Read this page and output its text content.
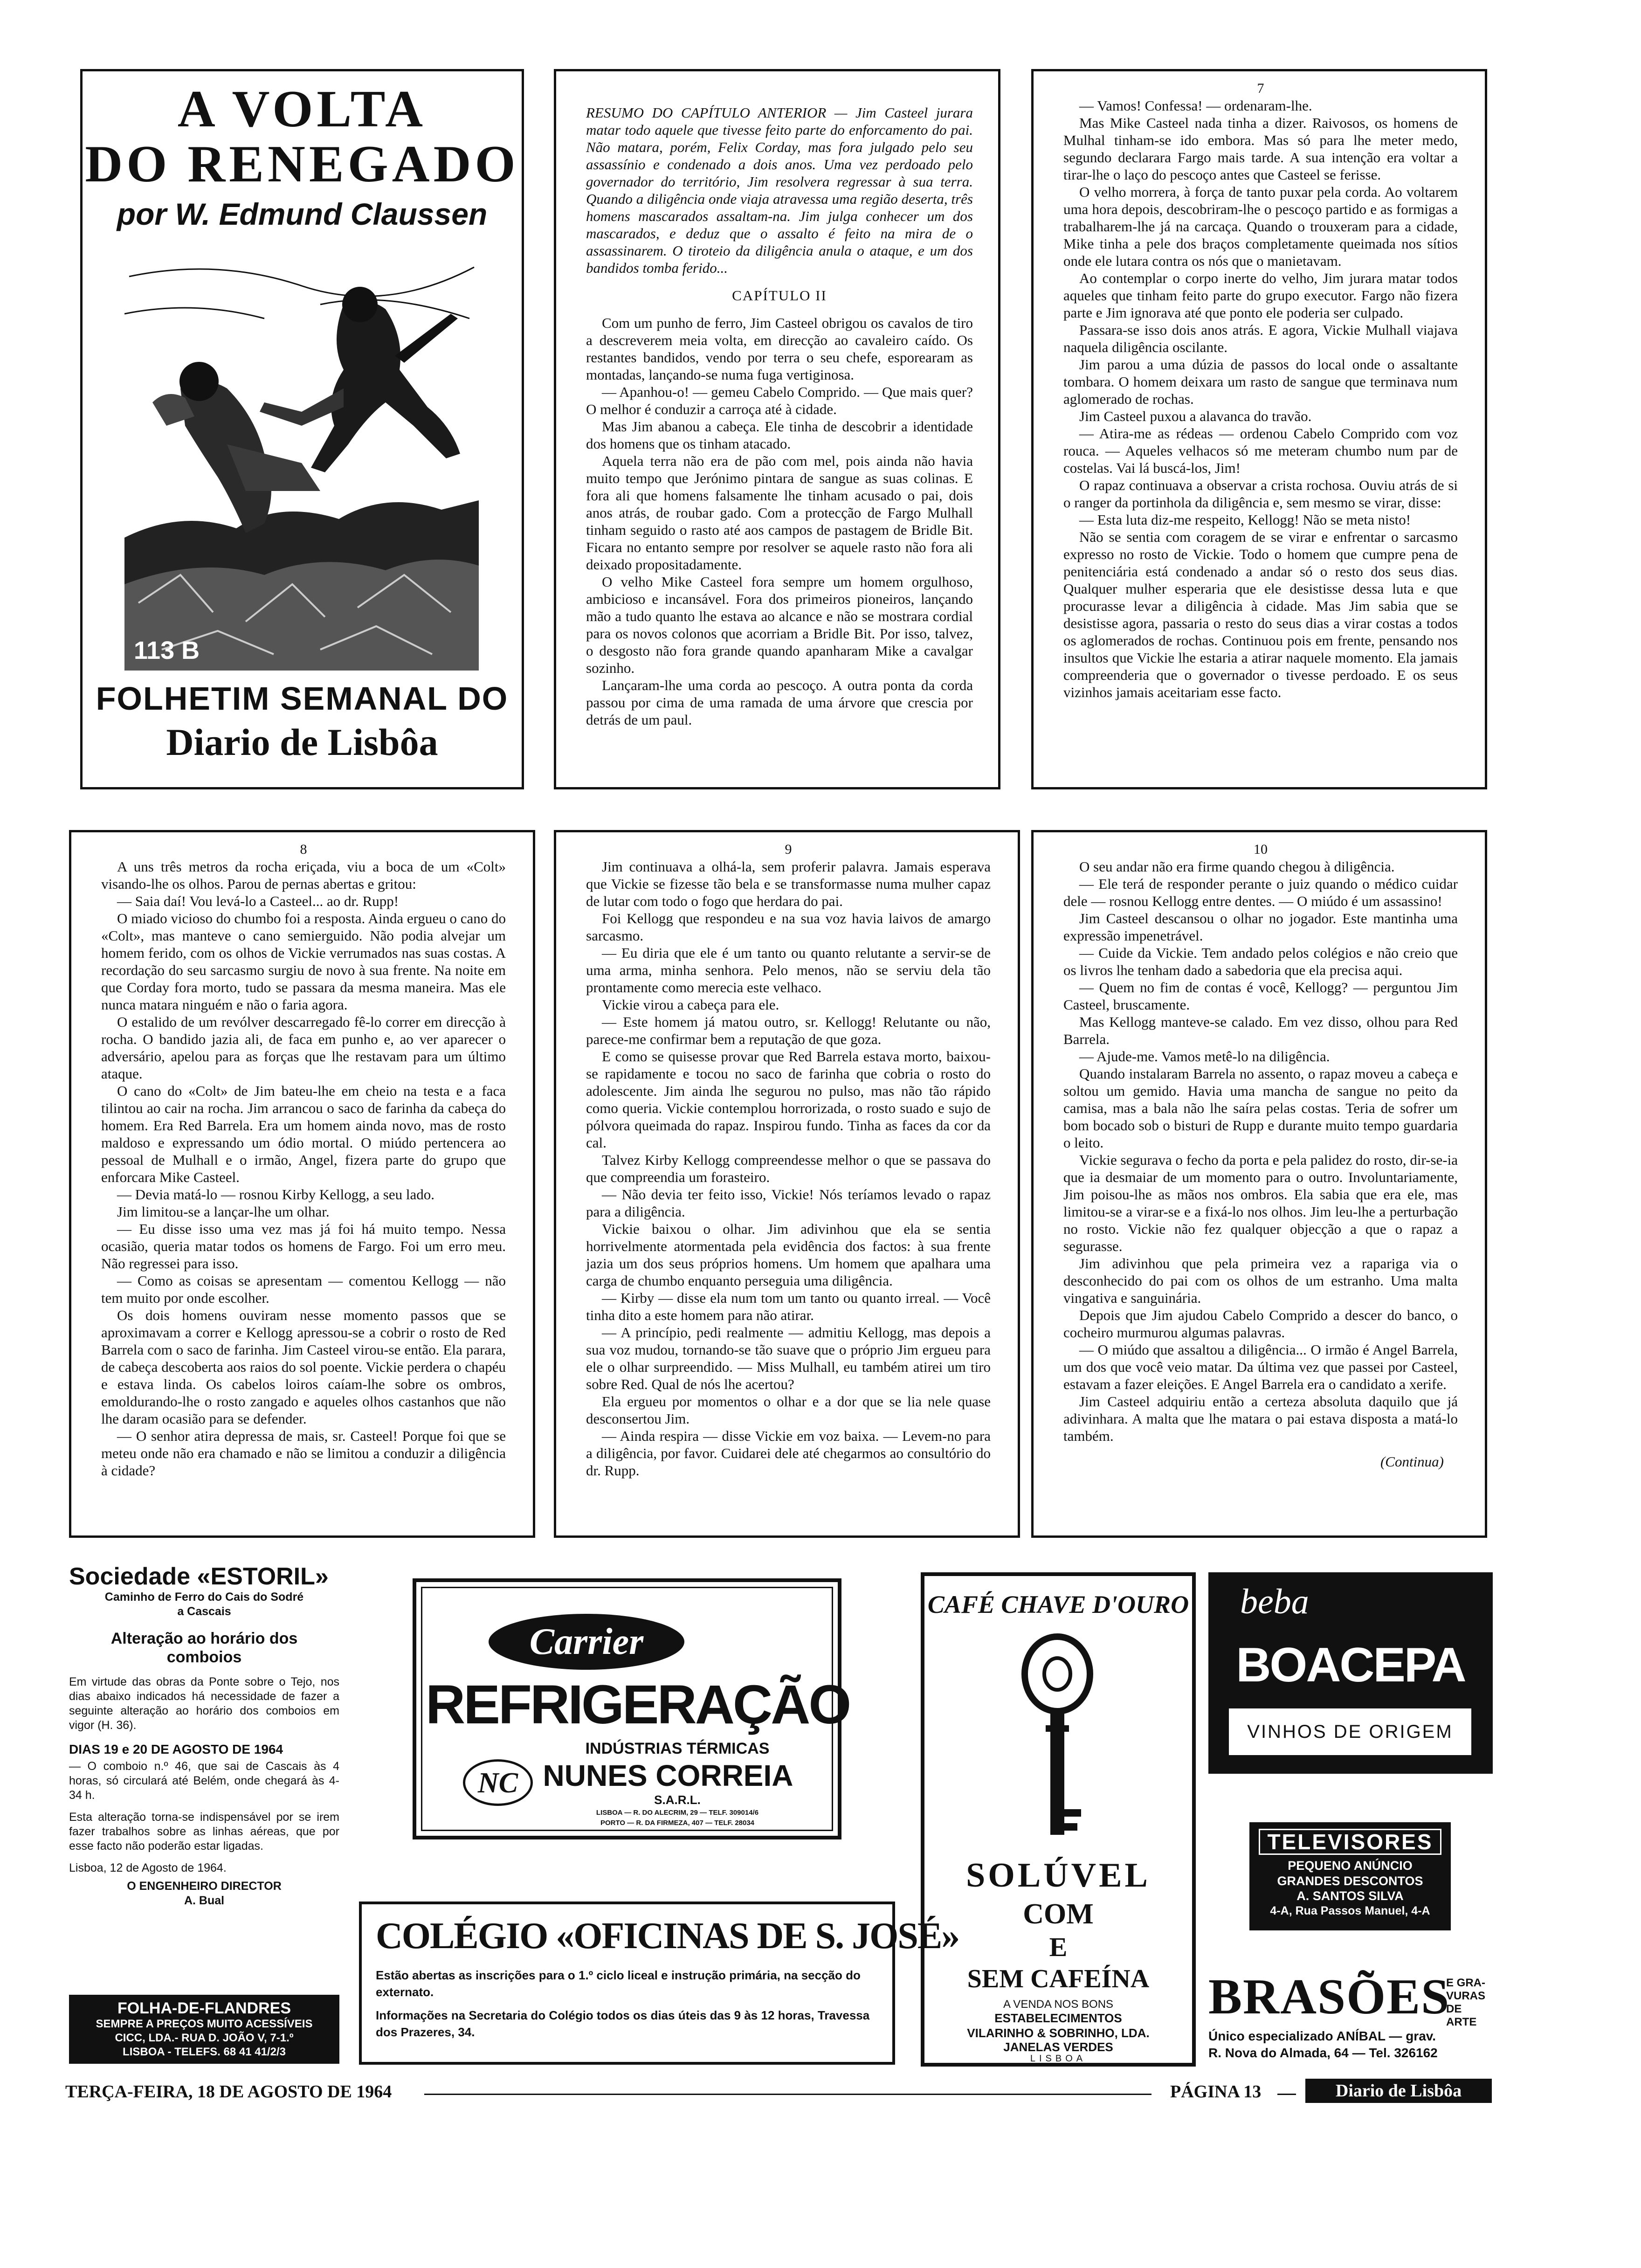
A VOLTA
DO RENEGADO
por W. Edmund Claussen
113 B
FOLHETIM SEMANAL DO
Diario de Lisbôa

RESUMO DO CAPÍTULO ANTERIOR — Jim Casteel jurara matar todo aquele que tivesse feito parte do enforcamento do pai. Não matara, porém, Felix Corday, mas fora julgado pelo seu assassínio e condenado a dois anos. Uma vez perdoado pelo governador do território, Jim resolvera regressar à sua terra. Quando a diligência onde viaja atravessa uma região deserta, três homens mascarados assaltam-na. Jim julga conhecer um dos mascarados, e deduz que o assalto é feito na mira de o assassinarem. O tiroteio da diligência anula o ataque, e um dos bandidos tomba ferido...

CAPÍTULO II

Com um punho de ferro, Jim Casteel obrigou os cavalos de tiro a descreverem meia volta, em direcção ao cavaleiro caído. Os restantes bandidos, vendo por terra o seu chefe, esporearam as montadas, lançando-se numa fuga vertiginosa.

— Apanhou-o! — gemeu Cabelo Comprido. — Que mais quer? O melhor é conduzir a carroça até à cidade.

Mas Jim abanou a cabeça. Ele tinha de descobrir a identidade dos homens que os tinham atacado.

Aquela terra não era de pão com mel, pois ainda não havia muito tempo que Jerónimo pintara de sangue as suas colinas. E fora ali que homens falsamente lhe tinham acusado o pai, dois anos atrás, de roubar gado. Com a protecção de Fargo Mulhall tinham seguido o rasto até aos campos de pastagem de Bridle Bit. Ficara no entanto sempre por resolver se aquele rasto não fora ali deixado propositadamente.

O velho Mike Casteel fora sempre um homem orgulhoso, ambicioso e incansável. Fora dos primeiros pioneiros, lançando mão a tudo quanto lhe estava ao alcance e não se mostrara cordial para os novos colonos que acorriam a Bridle Bit. Por isso, talvez, o desgosto não fora grande quando apanharam Mike a cavalgar sozinho.

Lançaram-lhe uma corda ao pescoço. A outra ponta da corda passou por cima de uma ramada de uma árvore que crescia por detrás de um paul.

7

— Vamos! Confessa! — ordenaram-lhe.

Mas Mike Casteel nada tinha a dizer. Raivosos, os homens de Mulhal tinham-se ido embora. Mas só para lhe meter medo, segundo declarara Fargo mais tarde. A sua intenção era voltar a tirar-lhe o laço do pescoço antes que Casteel se ferisse.

O velho morrera, à força de tanto puxar pela corda. Ao voltarem uma hora depois, descobriram-lhe o pescoço partido e as formigas a trabalharem-lhe já na carcaça. Quando o trouxeram para a cidade, Mike tinha a pele dos braços completamente queimada nos sítios onde ele lutara contra os nós que o manietavam.

Ao contemplar o corpo inerte do velho, Jim jurara matar todos aqueles que tinham feito parte do grupo executor. Fargo não fizera parte e Jim ignorava até que ponto ele poderia ser culpado.

Passara-se isso dois anos atrás. E agora, Vickie Mulhall viajava naquela diligência oscilante.

Jim parou a uma dúzia de passos do local onde o assaltante tombara. O homem deixara um rasto de sangue que terminava num aglomerado de rochas.

Jim Casteel puxou a alavanca do travão.

— Atira-me as rédeas — ordenou Cabelo Comprido com voz rouca. — Aqueles velhacos só me meteram chumbo num par de costelas. Vai lá buscá-los, Jim!

O rapaz continuava a observar a crista rochosa. Ouviu atrás de si o ranger da portinhola da diligência e, sem mesmo se virar, disse:

— Esta luta diz-me respeito, Kellogg! Não se meta nisto!

Não se sentia com coragem de se virar e enfrentar o sarcasmo expresso no rosto de Vickie. Todo o homem que cumpre pena de penitenciária está condenado a andar só o resto dos seus dias. Qualquer mulher esperaria que ele desistisse dessa luta e que procurasse levar a diligência à cidade. Mas Jim sabia que se desistisse agora, passaria o resto do seus dias a virar costas a todos os aglomerados de rochas. Continuou pois em frente, pensando nos insultos que Vickie lhe estaria a atirar naquele momento. Ela jamais compreenderia que o governador o tivesse perdoado. E os seus vizinhos jamais aceitariam esse facto.

8

A uns três metros da rocha eriçada, viu a boca de um «Colt» visando-lhe os olhos. Parou de pernas abertas e gritou:

— Saia daí! Vou levá-lo a Casteel... ao dr. Rupp!

O miado vicioso do chumbo foi a resposta. Ainda ergueu o cano do «Colt», mas manteve o cano semierguido. Não podia alvejar um homem ferido, com os olhos de Vickie verrumados nas suas costas. A recordação do seu sarcasmo surgiu de novo à sua frente. Na noite em que Corday fora morto, tudo se passara da mesma maneira. Mas ele nunca matara ninguém e não o faria agora.

O estalido de um revólver descarregado fê-lo correr em direcção à rocha. O bandido jazia ali, de faca em punho e, ao ver aparecer o adversário, apelou para as forças que lhe restavam para um último ataque.

O cano do «Colt» de Jim bateu-lhe em cheio na testa e a faca tilintou ao cair na rocha. Jim arrancou o saco de farinha da cabeça do homem. Era Red Barrela. Era um homem ainda novo, mas de rosto maldoso e expressando um ódio mortal. O miúdo pertencera ao pessoal de Mulhall e o irmão, Angel, fizera parte do grupo que enforcara Mike Casteel.

— Devia matá-lo — rosnou Kirby Kellogg, a seu lado.

Jim limitou-se a lançar-lhe um olhar.

— Eu disse isso uma vez mas já foi há muito tempo. Nessa ocasião, queria matar todos os homens de Fargo. Foi um erro meu. Não regressei para isso.

— Como as coisas se apresentam — comentou Kellogg — não tem muito por onde escolher.

Os dois homens ouviram nesse momento passos que se aproximavam a correr e Kellogg apressou-se a cobrir o rosto de Red Barrela com o saco de farinha. Jim Casteel virou-se então. Ela parara, de cabeça descoberta aos raios do sol poente. Vickie perdera o chapéu e estava linda. Os cabelos loiros caíam-lhe sobre os ombros, emoldurando-lhe o rosto zangado e aqueles olhos castanhos que não lhe daram ocasião para se defender.

— O senhor atira depressa de mais, sr. Casteel! Porque foi que se meteu onde não era chamado e não se limitou a conduzir a diligência à cidade?

9

Jim continuava a olhá-la, sem proferir palavra. Jamais esperava que Vickie se fizesse tão bela e se transformasse numa mulher capaz de lutar com todo o fogo que herdara do pai.

Foi Kellogg que respondeu e na sua voz havia laivos de amargo sarcasmo.

— Eu diria que ele é um tanto ou quanto relutante a servir-se de uma arma, minha senhora. Pelo menos, não se serviu dela tão prontamente como merecia este velhaco.

Vickie virou a cabeça para ele.

— Este homem já matou outro, sr. Kellogg! Relutante ou não, parece-me confirmar bem a reputação de que goza.

E como se quisesse provar que Red Barrela estava morto, baixou-se rapidamente e tocou no saco de farinha que cobria o rosto do adolescente. Jim ainda lhe segurou no pulso, mas não tão rápido como queria. Vickie contemplou horrorizada, o rosto suado e sujo de pólvora queimada do rapaz. Inspirou fundo. Tinha as faces da cor da cal.

Talvez Kirby Kellogg compreendesse melhor o que se passava do que compreendia um forasteiro.

— Não devia ter feito isso, Vickie! Nós teríamos levado o rapaz para a diligência.

Vickie baixou o olhar. Jim adivinhou que ela se sentia horrivelmente atormentada pela evidência dos factos: à sua frente jazia um dos seus próprios homens. Um homem que apalhara uma carga de chumbo enquanto perseguia uma diligência.

— Kirby — disse ela num tom um tanto ou quanto irreal. — Você tinha dito a este homem para não atirar.

— A princípio, pedi realmente — admitiu Kellogg, mas depois a sua voz mudou, tornando-se tão suave que o próprio Jim ergueu para ele o olhar surpreendido. — Miss Mulhall, eu também atirei um tiro sobre Red. Qual de nós lhe acertou?

Ela ergueu por momentos o olhar e a dor que se lia nele quase desconsertou Jim.

— Ainda respira — disse Vickie em voz baixa. — Levem-no para a diligência, por favor. Cuidarei dele até chegarmos ao consultório do dr. Rupp.

10

O seu andar não era firme quando chegou à diligência.

— Ele terá de responder perante o juiz quando o médico cuidar dele — rosnou Kellogg entre dentes. — O miúdo é um assassino!

Jim Casteel descansou o olhar no jogador. Este mantinha uma expressão impenetrável.

— Cuide da Vickie. Tem andado pelos colégios e não creio que os livros lhe tenham dado a sabedoria que ela precisa aqui.

— Quem no fim de contas é você, Kellogg? — perguntou Jim Casteel, bruscamente.

Mas Kellogg manteve-se calado. Em vez disso, olhou para Red Barrela.

— Ajude-me. Vamos metê-lo na diligência.

Quando instalaram Barrela no assento, o rapaz moveu a cabeça e soltou um gemido. Havia uma mancha de sangue no peito da camisa, mas a bala não lhe saíra pelas costas. Teria de sofrer um bom bocado sob o bisturi de Rupp e durante muito tempo guardaria o leito.

Vickie segurava o fecho da porta e pela palidez do rosto, dir-se-ia que ia desmaiar de um momento para o outro. Involuntariamente, Jim poisou-lhe as mãos nos ombros. Ela sabia que era ele, mas limitou-se a virar-se e a fixá-lo nos olhos. Jim leu-lhe a perturbação no rosto. Vickie não fez qualquer objecção a que o rapaz a segurasse.

Jim adivinhou que pela primeira vez a rapariga via o desconhecido do pai com os olhos de um estranho. Uma malta vingativa e sanguinária.

Depois que Jim ajudou Cabelo Comprido a descer do banco, o cocheiro murmurou algumas palavras.

— O miúdo que assaltou a diligência... O irmão é Angel Barrela, um dos que você veio matar. Da última vez que passei por Casteel, estavam a fazer eleições. E Angel Barrela era o candidato a xerife.

Jim Casteel adquiriu então a certeza absoluta daquilo que já adivinhara. A malta que lhe matara o pai estava disposta a matá-lo também.

(Continua)
Sociedade «ESTORIL»
Caminho de Ferro do Cais do Sodré
a Cascais
Alteração ao horário dos comboios
Em virtude das obras da Ponte sobre o Tejo, nos dias abaixo indicados há necessidade de fazer a seguinte alteração ao horário dos comboios em vigor (H. 36).
DIAS 19 e 20 DE AGOSTO DE 1964
— O comboio n.º 46, que sai de Cascais às 4 horas, só circulará até Belém, onde chegará às 4-34 h.
Esta alteração torna-se indispensável por se irem fazer trabalhos sobre as linhas aéreas, que por esse facto não poderão estar ligadas.
Lisboa, 12 de Agosto de 1964.
O ENGENHEIRO DIRECTOR
A. Bual
FOLHA-DE-FLANDRES
SEMPRE A PREÇOS MUITO ACESSÍVEIS
CICC, LDA.- RUA D. JOÃO V, 7-1.º
LISBOA - TELEFS. 68 41 41/2/3
Carrier
REFRIGERAÇÃO
INDÚSTRIAS TÉRMICAS
NUNES CORREIA
S.A.R.L.
NC
LISBOA — R. DO ALECRIM, 29 — TELF. 309014/6
PORTO — R. DA FIRMEZA, 407 — TELF. 28034
COLÉGIO «OFICINAS DE S. JOSÉ»
Estão abertas as inscrições para o 1.º ciclo liceal e instrução primária, na secção do externato.
Informações na Secretaria do Colégio todos os dias úteis das 9 às 12 horas, Travessa dos Prazeres, 34.
CAFÉ CHAVE D'OURO
SOLÚVEL
COM
E
SEM CAFEÍNA
A VENDA NOS BONS
ESTABELECIMENTOS
VILARINHO & SOBRINHO, LDA.
JANELAS VERDES
LISBOA
beba
BOACEPA
VINHOS DE ORIGEM
TELEVISORES
PEQUENO ANÚNCIO
GRANDES DESCONTOS
A. SANTOS SILVA
4-A, Rua Passos Manuel, 4-A
BRASÕES
E GRA-
VURAS
DE ARTE
Único especializado ANÍBAL — grav.
R. Nova do Almada, 64 — Tel. 326162
TERÇA-FEIRA, 18 DE AGOSTO DE 1964	PÁGINA 13	Diario de Lisbôa
